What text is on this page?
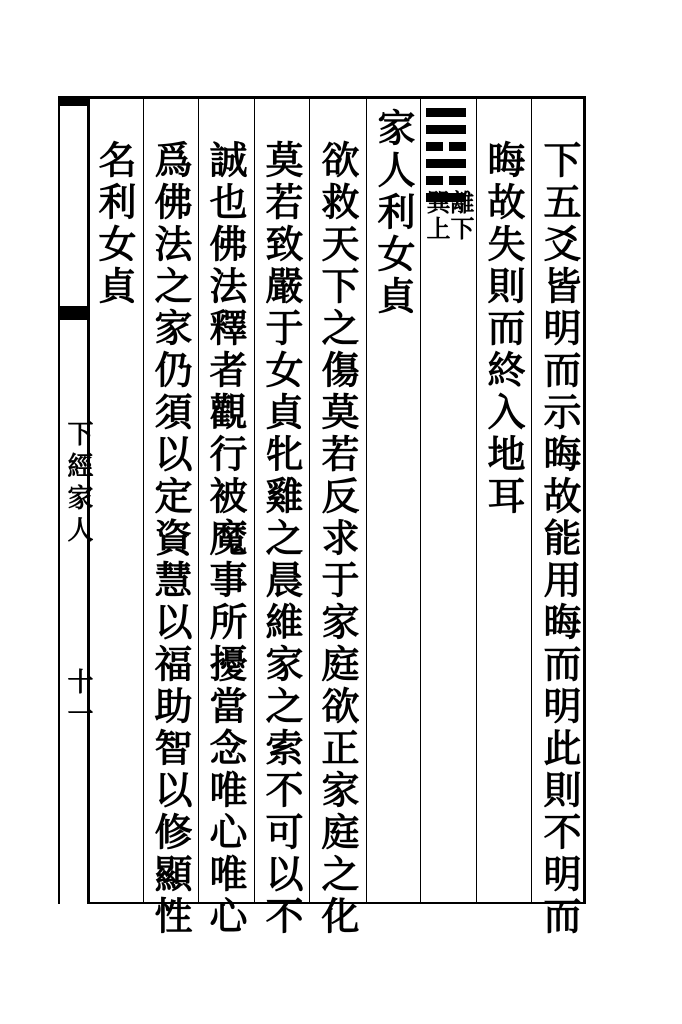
下經家人
十一	下五爻皆明而示晦故能用晦而明此則不明而
晦故失則而終入地耳
離下
巽上
家人利女貞
欲救天下之傷莫若反求于家庭欲正家庭之化
莫若致嚴于女貞牝雞之晨維家之索不可以不
誠也佛法釋者觀行被魔事所擾當念唯心唯心
爲佛法之家仍須以定資慧以福助智以修顯性
名利女貞
